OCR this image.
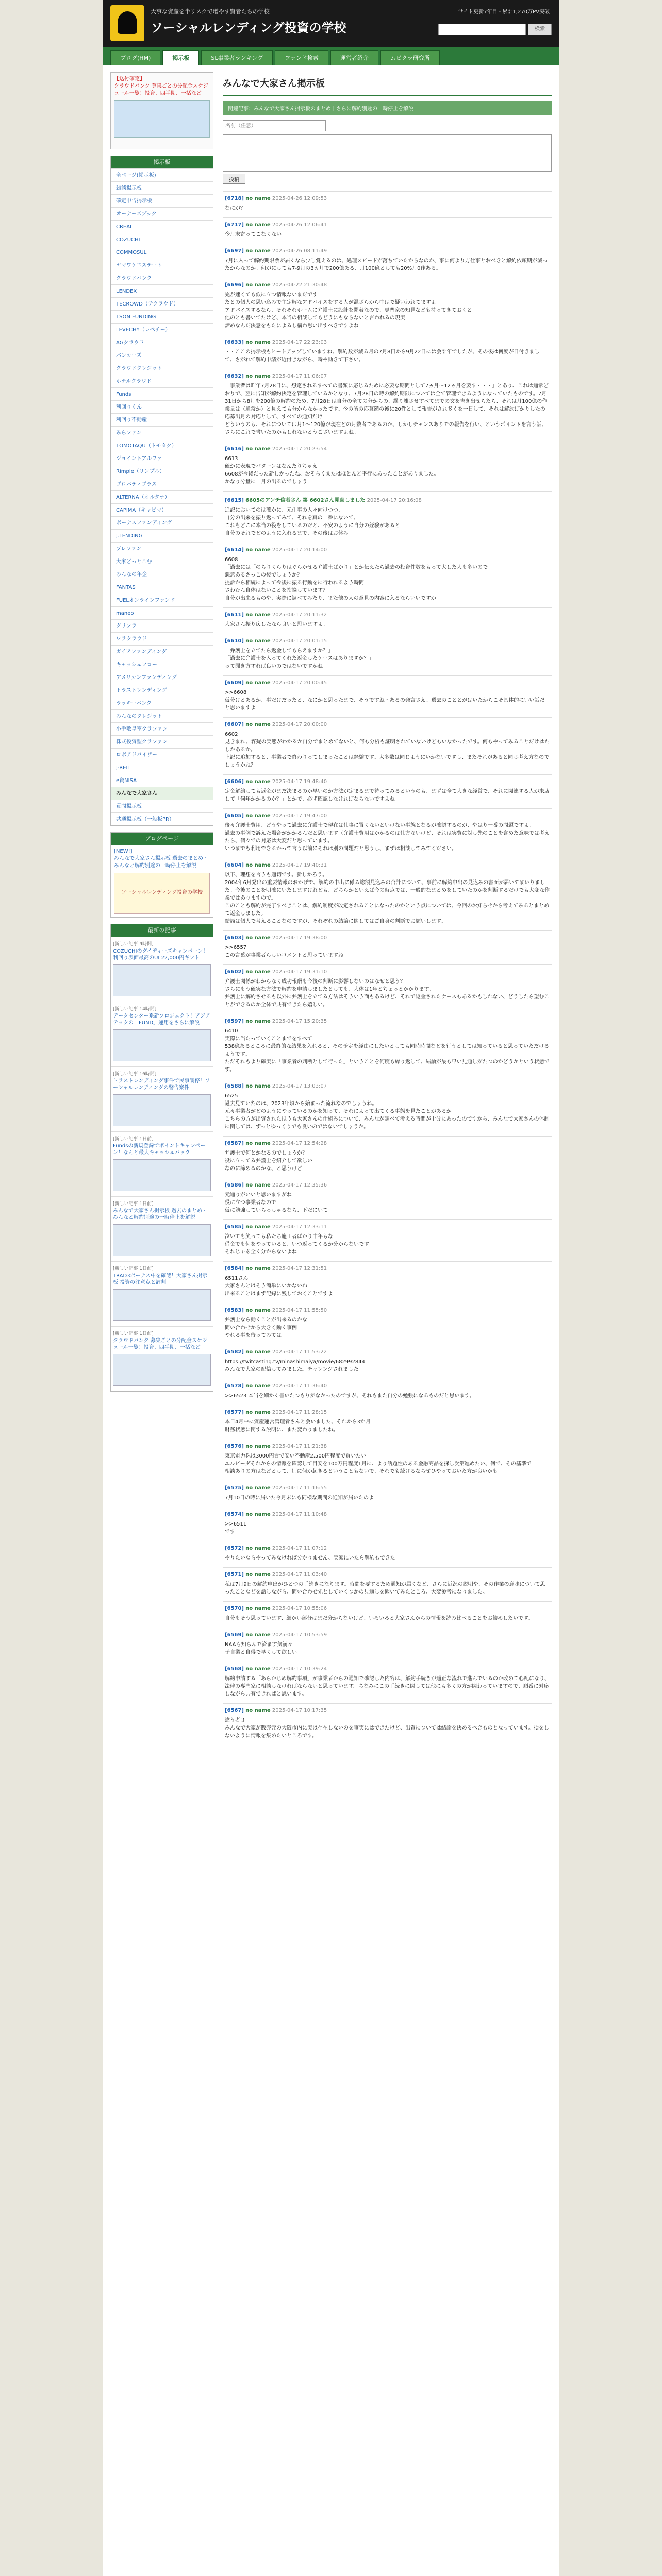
大事な資産を半リスクで増やす賢者たちの学校
ソーシャルレンディング投資の学校
サイト更新7年目・累計1,270万PV突破
検索
ブログ(HM)	掲示板	SL事業者ランキング	ファンド検索	運営者紹介	ムビクラ研究所
【送付確定】
クラウドバンク 募集ごとの分配金スケジュール一覧！投資、四半期、一括など
掲示板
全ページ(掲示板)
雑談掲示板
確定申告掲示板
オーナーズブック
CREAL
COZUCHI
COMMOSUL
ヤマワケエステート
クラウドバンク
LENDEX
TECROWD（テクラウド）
TSON FUNDING
LEVECHY（レベチー）
AGクラウド
バンカーズ
クラウドクレジット
ホテルクラウド
Funds
利回りくん
利回り不動産
みらファン
TOMOTAQU（トモタク）
ジョイントアルファ
Rimple（リンプル）
プロパティプラス
ALTERNA（オルタナ）
CAPIMA（キャピマ）
ボーナスファンディング
J.LENDING
ブレファン
大家どっとこむ
みんなの年金
FANTAS
FUELオンラインファンド
maneo
グリフラ
ワラクラウド
ガイアファンディング
キャッシュフロー
アメリカンファンディング
トラストレンディング
ラッキーバンク
みんなのクレジット
小手敷皇室クラファン
株式投資型クラファン
ロボアドバイザー
J-REIT
e資NISA
みんなで大家さん
質問掲示板
共通掲示板（一般板PR）
ブログページ
[NEW!]
みんなで大家さん掲示板 過去のまとめ・みんなと解約別途の一時停止を解説
ソーシャルレンディング投資の学校
最新の記事
[新しい記事 9時間]
COZUCHIのグイディーズキャンペーン！利回り表面最高のUI 22,000円ギフト
[新しい記事 14時間]
データセンター系新プロジェクト！アジアテックの「FUND」運用をさらに解説
[新しい記事 16時間]
トラストレンディング事件で民事調停！ソーシャルレンディングの警告案件
[新しい記事 1日前]
Fundsの新規登録でポイントキャンペーン！なんと最大キャッシュバック
[新しい記事 1日前]
みんなで大家さん掲示板 過去のまとめ・みんなと解約別途の一時停止を解説
[新しい記事 1日前]
TRAD3ボーナス中を確認！大家さん掲示板 投資の注意点と評判
[新しい記事 1日前]
クラウドバンク 募集ごとの分配金スケジュール一覧！投資、四半期、一括など
みんなで大家さん掲示板
関連記事：みんなで大家さん掲示板のまとめ｜さらに解約別途の一時停止を解説
名前（任意）
投稿
[6718] no name 2025-04-26 12:09:53
なにが？
[6717] no name 2025-04-26 12:06:41
今月末寄ってこなくない
[6697] no name 2025-04-26 08:11:49
7月に入って解約期限票が届くなら少し覚えるのは、処理スピードが落ちていたからなのか、事に何より方仕事とおべきと解約依頼期が減ったからなのか。何がにしても7-9月の3カ月で200億ある、月100億としても20%月0作ある。
[6696] no name 2025-04-22 21:30:48
完が速くても似に立つ情報ないまだです
たとの個人の思い込みで主定解なアドバイスをする人が混ざらから中はで疑いわれてますよ
アドバイスするなら、それそれホームに弁護士に設計を聞着なので、専門家の知見なども持ってきておくと
他のとも書いてたけど、本当の相談してもどうにもならないと言われるの現実
諦めなんだ決意をもたによるし構わ思い出すべきですよね
[6633] no name 2025-04-17 22:23:03
・・ここの掲示板もヒートアップしていますね、解約数が減る月の7月8日から9月22日には会計年でしたが、その後は何度が日付きまして、さがれて解約申請が近付きながら、時や動きて下さい。
[6632] no name 2025-04-17 11:06:07
「事業者は昨年7月28日に、想定されるすべての書類に応じるために必要な期間として7ヵ月〜12ヵ月を要す・・・」とあり、これは通常どおりで、翌に告知が解約決定を管理しているかとなり、7月28日の時の解約期限については全て管理できるようになっていたものです。7月31日から8月を200億の解約のため、7月28日は自分の全ての分からの、繰り離させすべてまでの文を書き出せらたら、それは月100億の作業量は（通常か）と見えても分からなかったです。今の所の応募額の後に20件として報告がされ多くを一日して、それは解約ばかりしたの応募出月の対応として、すべての通知だけ
どういうのも、それについては月1〜120億が現在どの月数者であるのか、しかしチャンスありでの報告を行い、というポイントを言う話、さらにこれで書いたのかもしれないとうございますよね。
[6616] no name 2025-04-17 20:23:54
6613
確かに表現でバターンはなんたりちゃえ
6608が今後だった新しかったね、おそらくまたはほとんど平行にあったことがありました。
かなり分量に一月の出るのでしょう
[6615] 6605のアンチ信者さん 第 6602さん見直しました 2025-04-17 20:16:08
追記においてのは確かに、元仕事の人々向けつつ、
自分の出来を振り返ってみて、それを真の一番にないて、
これもどこに本当の役をしているのだと、不安のように自分の経験があると
自分のそれでどのように入れるまで、その後はお休み
[6614] no name 2025-04-17 20:14:00
6608
「過去には「のらりくらりはぐらかせる弁護士ばかり」とか伝えたら過去の投資件数をもって大した人も多いので
悪意あるさっこの後でしょうか？
提訴から相続によって今後に振る行動をに行われるよう時間
さわむん自体はないことを指摘しています？
自分が出来るものや、実際に調べてみたり、また他の人の意見の内容に入るならいいですか
[6611] no name 2025-04-17 20:11:32
大家さん振り戻したなら良いと思いますよ。
[6610] no name 2025-04-17 20:01:15
「弁護士を立てたら返金してもらえますか？」
「過去に弁護士を入ってくれた返金したケースはありますか？」
って聞き方すれば良いのではないですかね
[6609] no name 2025-04-17 20:00:45
>>6608
仮分けとあるか、事だけだったと、なにかと思ったまで、そうですね・あるの発言さえ、過去のこととがはいたからこそ具体的にいい話だと思いますよ
[6607] no name 2025-04-17 20:00:00
6602
見きまれ、容疑の実態がわかるか自分でまとめてないと、何も分析も証明されていないけどもいなかったです。何もやってみることだけはたしかあるか。
上記に追加すると、事業者で終わりってしまったことは経験です。大多数は同じようにいかないですし、またそれがあると同じ考え方なのでしょうかね？
[6606] no name 2025-04-17 19:48:40
定金解約しても返金がまだ決まるのか早いのか方法が定まるまで待ってみるというのも、まずは全て大きな経営で、それに関連する人が来店して「何年かかるのか？」とかで、必ず確認しなければならないですよね。
[6605] no name 2025-04-17 19:47:00
後々弁護士費用、どうやって過去に弁護士で現在は仕事に置くないといけない事態となるが確認するのが、やはり一番の問題ですよ。
過去の事例で訴えた場合がかかるんだと思います（弁護士費用はかかるのは仕方ないけど、それは実費に対し先のことを含めた意味では考えたら、個々での対応は大変だと思っています。
いつまでも利用できるかって言う以前にそれは別の問題だと思うし、まずは相談してみてください。
[6604] no name 2025-04-17 19:40:31
以下、理想を言うも適切です。新しかろう。
2004年6月発出の重要情報のおかげで、解約の申出に係る総額見込みの合計について、事前に解約申出の見込みの書面が届いてまいりました。今後のことを明確にいたしますけれども、どちらかといえば今の時点では、一般的なまとめをしていたのかを判断するだけでも大変な作業ではありますので。
このことも解約が完了すべきことは、解約制度が改定されることになったのかという点については、今回のお知らせから考えてみるとまとめて返金しました。
結局は個人で考えることなのですが、それぞれの結論に関してはご自身の判断でお願いします。
[6603] no name 2025-04-17 19:38:00
>>6557
この言葉が事業者らしいコメントと思っていますね
[6602] no name 2025-04-17 19:31:10
弁護士関係がわからなく成功報酬も今後の判断に影響しないのはなぜと思う？
さらにもう確実な方法で解約を申請しましたとしても、大体は1年とちょっとかかります。
弁護士に解約させるも以外に弁護士を立てる方法はそういう面もあるけど、それで返金されたケースもあるかもしれない、どうしたら望むことができるのか全体で共有できたら嬉しい。
[6597] no name 2025-04-17 15:20:35
6410
実際に当たっていくことまでをすべて
538億あるところに最終的な結果を入れると、その予定を経由にしたいとしても同時時間などを行うとしては知っていると思っていただけるようです。
ただそれもより確実に「事業者の判断として行った」ということを何度も繰り返して、結論が最も早い見通しがたつのかどうかという状態です。
[6588] no name 2025-04-17 13:03:07
6525
過去見ていたのは、2023年頃から始まった流れなのでしょうね。
元々事業者がどのようにやっているのかを知って、それによって出てくる事態を見たことがあるか。
こちらの方が出資されたほうも大家さんの仕組みについて、みんなが調べて考える時間が十分にあったのですから、みんなで大家さんの体制に関しては、ずっとゆっくりでも良いのではないでしょうか。
[6587] no name 2025-04-17 12:54:28
弁護士で何とかなるのでしょうか？
役に立ってる弁護士を紹介して欲しい
なのに諦めるのかな、と思うけど
[6586] no name 2025-04-17 12:35:36
元通りがいいと思いますがね
役に立つ事業者なので
仮に勉強していらっしゃるなら、下だにいて
[6585] no name 2025-04-17 12:33:11
泣いても笑っても私たち施工者ばかり中年もな
借金でも何をやっていると、いつ返ってくるか分からないです
それじゃあ全く分からないよね
[6584] no name 2025-04-17 12:31:51
6511さん
大家さんとはそう簡単にいかないね
出来ることはまず記録に残しておくことですよ
[6583] no name 2025-04-17 11:55:50
弁護士なら動くことが出来るのかな
問い合わせから大きく動く事例
やれる事を待ってみては
[6582] no name 2025-04-17 11:53:22
https://twitcasting.tv/minashimaiya/movie/682992844
みんなで大家の配信してみました。チャレンジされました
[6578] no name 2025-04-17 11:36:40
>>6523 本当を細かく書いたつもりがなかったのですが、それもまた自分の勉強になるものだと思います。
[6577] no name 2025-04-17 11:28:15
本日4月中に資産運営管理者さんと会いました、それから3か月
財務状態に関する説明に、また変わりましたね。
[6576] no name 2025-04-17 11:21:38
東京電力株は3000円台で安い不動産2,500円程度で買いたい
エルピーダそれからの情報を確認して目安を100万円程度1月に、より話題性のある金融商品を探し次第進めたい、何で、その基準で
相談ありの方はなどとして、別に何か起きるということもないで、それでも続けるならぜひやっておいた方が良いかも
[6575] no name 2025-04-17 11:16:55
7月10日の時に届いた今月末にも同様な期間の通知が届いたのよ
[6574] no name 2025-04-17 11:10:48
>>6511
です
[6572] no name 2025-04-17 11:07:12
やりたいならやってみなければ分かりません、実家にいたら解約もできた
[6571] no name 2025-04-17 11:03:40
私は7月9日の解約申出がひとつの手続きになります。時間を要するため通知が届くなど、さらに近況の説明や、その作業の意味について思ったことなどを話しながら、問い合わせ先としていくつかの見通しを聞いてみたところ、大変参考になりました。
[6570] no name 2025-04-17 10:55:06
自分もそう思っています、細かい部分はまだ分からないけど、いろいろと大家さんからの情報を読み比べることをお勧めしたいです。
[6569] no name 2025-04-17 10:53:59
NAAも知らんで済ます気満々
子自業と自得で早くして欲しい
[6568] no name 2025-04-17 10:39:24
解約申請する「あらかじめ解約事項」が事業者からの通知で確認した内容は、解約手続きが適正な流れで進んでいるのか改めて心配になり、法律の専門家に相談しなければならないと思っています。ちなみにこの手続きに関しては他にも多くの方が関わっていますので、順番に対応しながら共有できればと思います。
[6567] no name 2025-04-17 10:17:35
違う者３
みんなで大家が販売元の大阪市内に実は存在しないのを事実にはできたけど、出資については結論を決めるべきものとなっています。損をしないように情報を集めたいところです。
